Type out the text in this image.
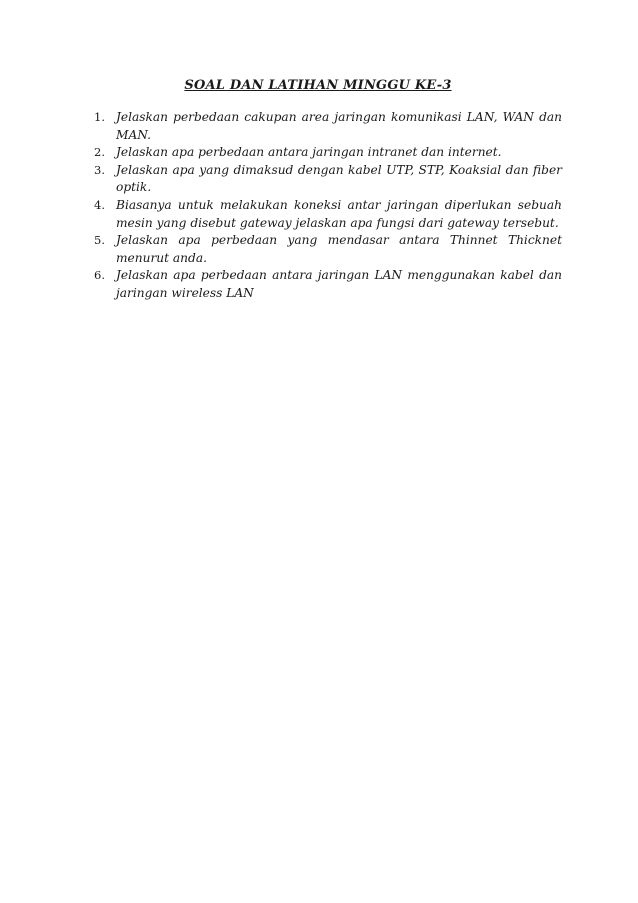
SOAL DAN LATIHAN MINGGU KE-3
1. Jelaskan perbedaan cakupan area jaringan komunikasi LAN, WAN dan MAN.
2. Jelaskan apa perbedaan antara jaringan intranet dan internet.
3. Jelaskan apa yang dimaksud dengan kabel UTP, STP, Koaksial dan fiber optik.
4. Biasanya untuk melakukan koneksi antar jaringan diperlukan sebuah mesin yang disebut gateway jelaskan apa fungsi dari gateway tersebut.
5. Jelaskan apa perbedaan yang mendasar antara Thinnet Thicknet menurut anda.
6. Jelaskan apa perbedaan antara jaringan LAN menggunakan kabel dan jaringan wireless LAN
